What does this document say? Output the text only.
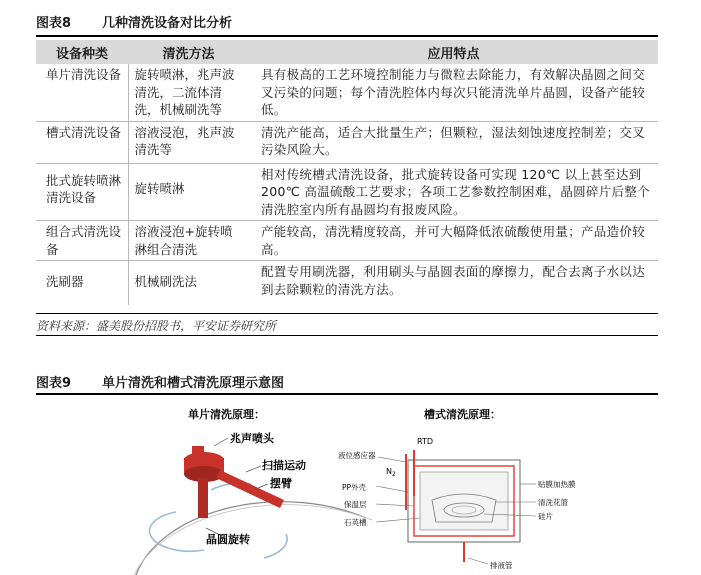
图表8 几种清洗设备对比分析
设备种类	清洗方法	应用特点
单片清洗设备	旋转喷淋，兆声波清洗，二流体清洗，机械刷洗等	具有极高的工艺环境控制能力与微粒去除能力，有效解决晶圆之间交叉污染的问题；每个清洗腔体内每次只能清洗单片晶圆，设备产能较低。
槽式清洗设备	溶液浸泡，兆声波清洗等	清洗产能高，适合大批量生产；但颗粒，湿法刻蚀速度控制差；交叉污染风险大。
批式旋转喷淋清洗设备	旋转喷淋	相对传统槽式清洗设备，批式旋转设备可实现 120℃ 以上甚至达到 200℃ 高温硫酸工艺要求；各项工艺参数控制困难，晶圆碎片后整个清洗腔室内所有晶圆均有报废风险。
组合式清洗设备	溶液浸泡+旋转喷淋组合清洗	产能较高，清洗精度较高，并可大幅降低浓硫酸使用量；产品造价较高。
洗刷器	机械刷洗法	配置专用刷洗器，利用刷头与晶圆表面的摩擦力，配合去离子水以达到去除颗粒的清洗方法。
资料来源：盛美股份招股书，平安证券研究所
图表9 单片清洗和槽式清洗原理示意图
单片清洗原理：
兆声喷头
扫描运动
摆臂
晶圆旋转
槽式清洗原理：
RTD
液位感应器
$N_2$
PP外壳
保温层
石英槽
贴膜加热膜
清洗花篮
硅片
排液管
